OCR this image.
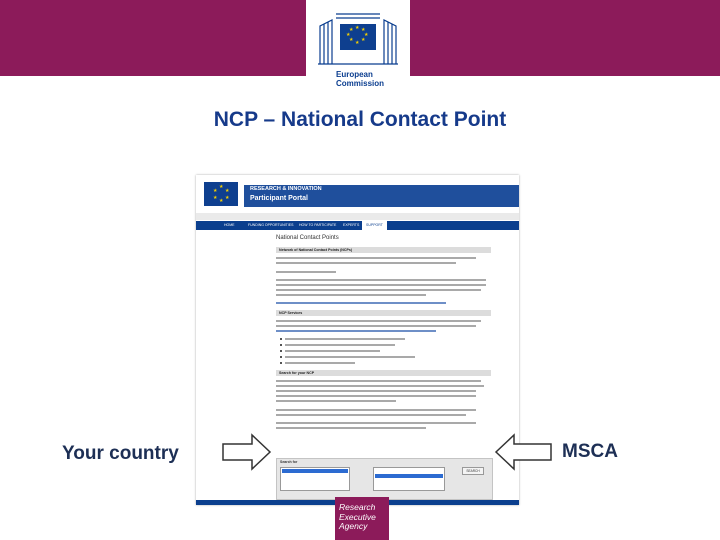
★ ★
★
★
★
★
★
★
European
Commission
NCP – National Contact Point
★
★
★
★
★
★	RESEARCH & INNOVATION
Participant Portal
HOME	FUNDING OPPORTUNITIES HOW TO PARTICIPATE EXPERTS	SUPPORT
National Contact Points
Network of National Contact Points (NCPs)
NCP Services
Search for your NCP
Search for
SEARCH
Your country	MSCA
Research
Executive
Agency
